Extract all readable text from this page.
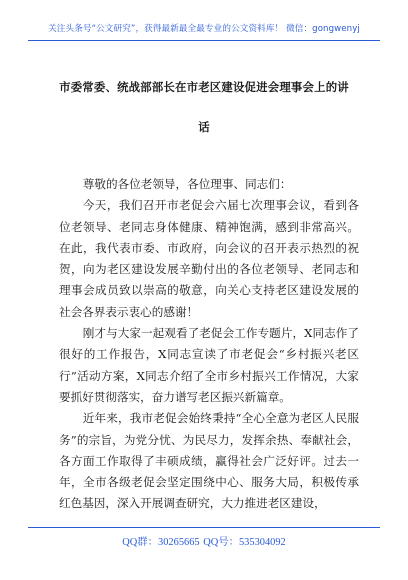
关注头条号“公文研究”，获得最新最全最专业的公文资料库！ 微信：gongwenyj
市委常委、统战部部长在市老区建设促进会理事会上的讲
话

尊敬的各位老领导，各位理事、同志们：

今天，我们召开市老促会六届七次理事会议，看到各位老领导、老同志身体健康、精神饱满，感到非常高兴。在此，我代表市委、市政府，向会议的召开表示热烈的祝贺，向为老区建设发展辛勤付出的各位老领导、老同志和理事会成员致以崇高的敬意，向关心支持老区建设发展的社会各界表示衷心的感谢！

刚才与大家一起观看了老促会工作专题片，X同志作了很好的工作报告，X同志宣读了市老促会“乡村振兴老区行”活动方案，X同志介绍了全市乡村振兴工作情况，大家要抓好贯彻落实，奋力谱写老区振兴新篇章。

近年来，我市老促会始终秉持“全心全意为老区人民服务”的宗旨，为党分忧、为民尽力，发挥余热、奉献社会，各方面工作取得了丰硕成绩，赢得社会广泛好评。过去一年，全市各级老促会坚定围绕中心、服务大局，积极传承红色基因，深入开展调查研究，大力推进老区建设，

QQ群：30265665 QQ号：535304092
